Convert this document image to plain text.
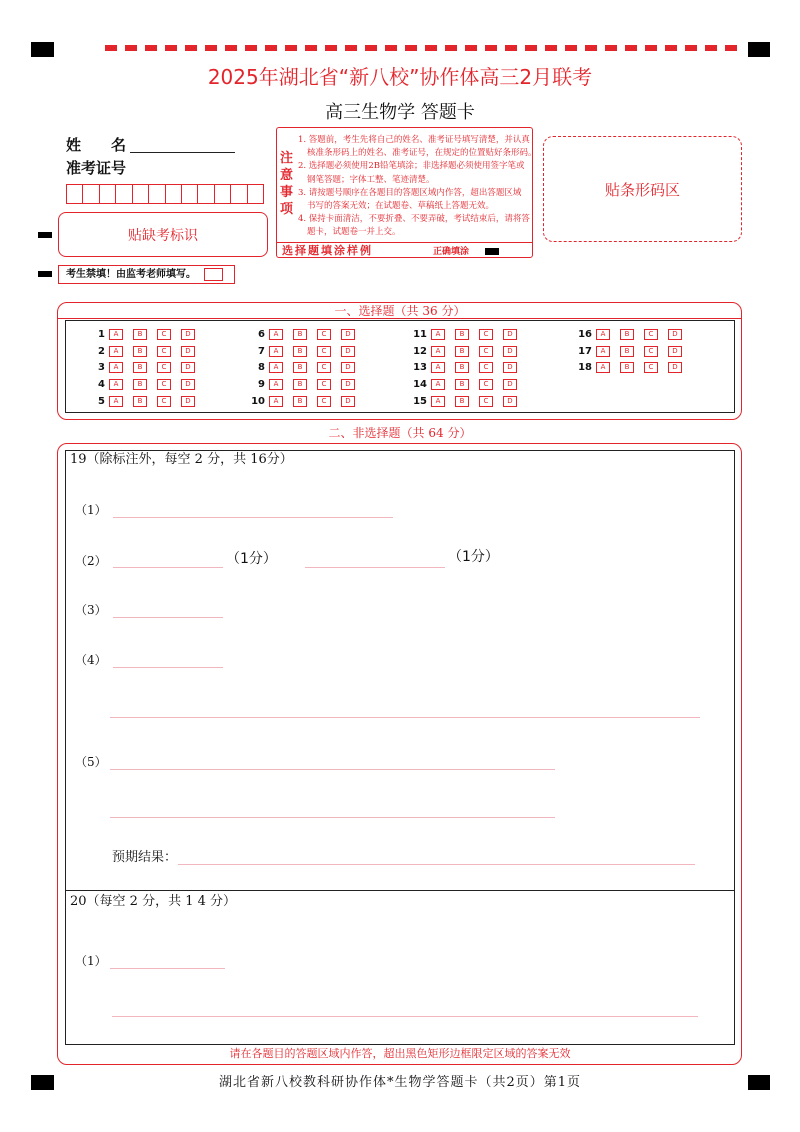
2025年湖北省“新八校”协作体高三2月联考
高三生物学 答题卡
姓　　名
准考证号
贴缺考标识
注意事项
1. 答题前，考生先将自己的姓名、准考证号填写清楚，并认真
核准条形码上的姓名、准考证号，在规定的位置贴好条形码。
2. 选择题必须使用2B铅笔填涂；非选择题必须使用签字笔或
钢笔答题；字体工整、笔迹清楚。
3. 请按题号顺序在各题目的答题区域内作答，超出答题区域
书写的答案无效；在试题卷、草稿纸上答题无效。
4. 保持卡面清洁，不要折叠、不要弄破，考试结束后，请将答
题卡，试题卷一并上交。
选择题填涂样例	正确填涂
贴条形码区
考生禁填！由监考老师填写。
一、选择题（共 36 分）
1	A	B	C	D
2	A	B	C	D
3	A	B	C	D
4	A	B	C	D
5	A	B	C	D
6	A	B	C	D
7	A	B	C	D
8	A	B	C	D
9	A	B	C	D
10	A	B	C	D
11	A	B	C	D
12	A	B	C	D
13	A	B	C	D
14	A	B	C	D
15	A	B	C	D
16	A	B	C	D
17	A	B	C	D
18	A	B	C	D
二、非选择题（共 64 分）
19（除标注外，每空 2 分，共 16分）
（1）
（2）	（1分）	（1分）
（3）
（4）
（5）
预期结果：
20（每空 2 分，共 1 4 分）
（1）
请在各题目的答题区域内作答，超出黑色矩形边框限定区域的答案无效
湖北省新八校教科研协作体*生物学答题卡（共2页）第1页
